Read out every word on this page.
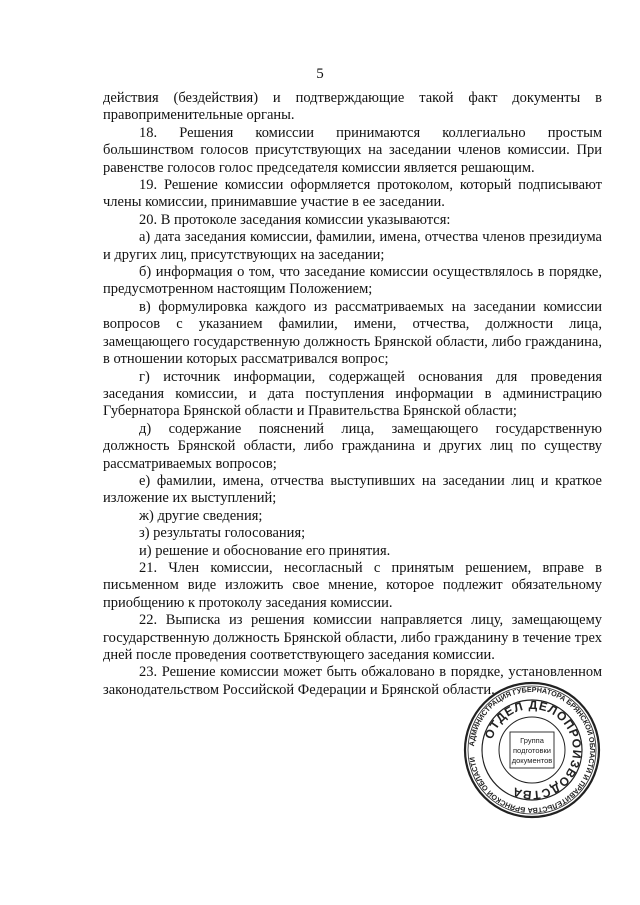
5

действия (бездействия) и подтверждающие такой факт документы в правоприменительные органы.

18. Решения комиссии принимаются коллегиально простым большинством голосов присутствующих на заседании членов комиссии. При равенстве голосов голос председателя комиссии является решающим.

19. Решение комиссии оформляется протоколом, который подписывают члены комиссии, принимавшие участие в ее заседании.

20. В протоколе заседания комиссии указываются:

а) дата заседания комиссии, фамилии, имена, отчества членов президиума и других лиц, присутствующих на заседании;

б) информация о том, что заседание комиссии осуществлялось в порядке, предусмотренном настоящим Положением;

в) формулировка каждого из рассматриваемых на заседании комиссии вопросов с указанием фамилии, имени, отчества, должности лица, замещающего государственную должность Брянской области, либо гражданина, в отношении которых рассматривался вопрос;

г) источник информации, содержащей основания для проведения заседания комиссии, и дата поступления информации в администрацию Губернатора Брянской области и Правительства Брянской области;

д) содержание пояснений лица, замещающего государственную должность Брянской области, либо гражданина и других лиц по существу рассматриваемых вопросов;

е) фамилии, имена, отчества выступивших на заседании лиц и краткое изложение их выступлений;

ж) другие сведения;

з) результаты голосования;

и) решение и обоснование его принятия.

21. Член комиссии, несогласный с принятым решением, вправе в письменном виде изложить свое мнение, которое подлежит обязательному приобщению к протоколу заседания комиссии.

22. Выписка из решения комиссии направляется лицу, замещающему государственную должность Брянской области, либо гражданину в течение трех дней после проведения соответствующего заседания комиссии.

23. Решение комиссии может быть обжаловано в порядке, установленном законодательством Российской Федерации и Брянской области.

АДМИНИСТРАЦИЯ ГУБЕРНАТОРА БРЯНСКОЙ ОБЛАСТИ И ПРАВИТЕЛЬСТВА БРЯНСКОЙ ОБЛАСТИ
ОТДЕЛ ДЕЛОПРОИЗВОДСТВА
Группа
подготовки
документов
